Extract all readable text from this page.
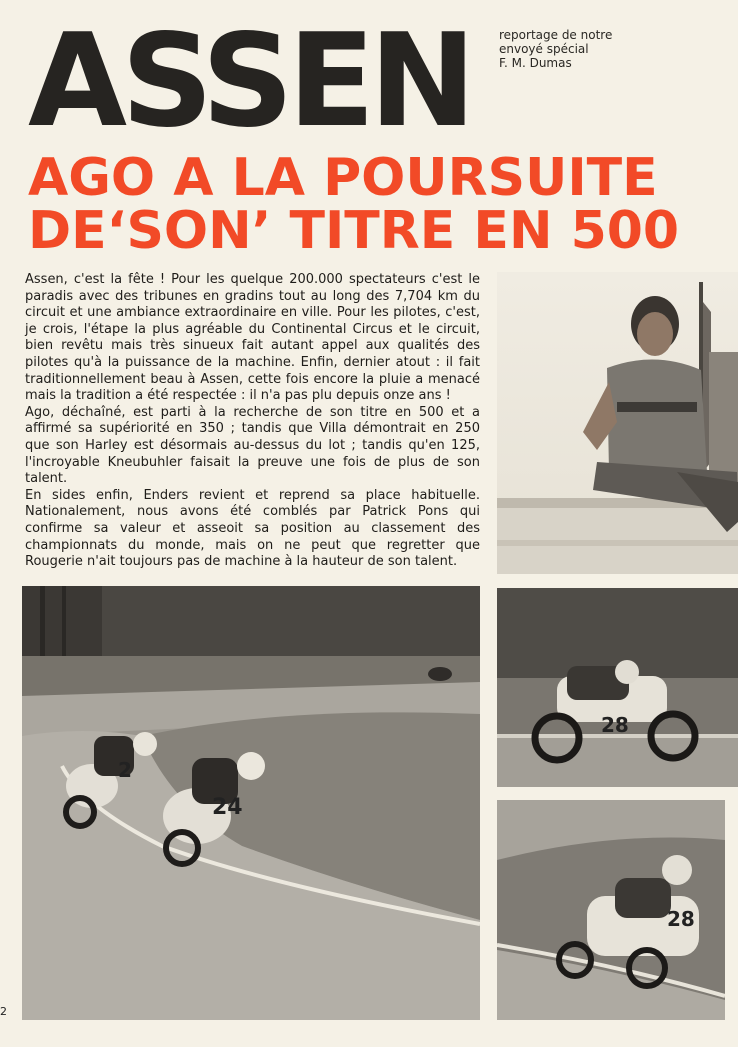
ASSEN reportage de notre
envoyé spécial
F. M. Dumas
AGO A LA POURSUITE
DE‘SON’ TITRE EN 500

Assen, c'est la fête ! Pour les quelque 200.000 spectateurs c'est le paradis avec des tribunes en gradins tout au long des 7,704 km du circuit et une ambiance extraordinaire en ville. Pour les pilotes, c'est, je crois, l'étape la plus agréable du Continental Circus et le circuit, bien revêtu mais très sinueux fait autant appel aux qualités des pilotes qu'à la puissance de la machine. Enfin, dernier atout : il fait traditionnellement beau à Assen, cette fois encore la pluie a menacé mais la tradition a été respectée : il n'a pas plu depuis onze ans !

Ago, déchaîné, est parti à la recherche de son titre en 500 et a affirmé sa supériorité en 350 ; tandis que Villa démontrait en 250 que son Harley est désormais au-dessus du lot ; tandis qu'en 125, l'incroyable Kneubuhler faisait la preuve une fois de plus de son talent.

En sides enfin, Enders revient et reprend sa place habituelle. Nationalement, nous avons été comblés par Patrick Pons qui confirme sa valeur et asseoit sa position au classement des championnats du monde, mais on ne peut que regretter que Rougerie n'ait toujours pas de machine à la hauteur de son talent.

2
24
28
28
2
